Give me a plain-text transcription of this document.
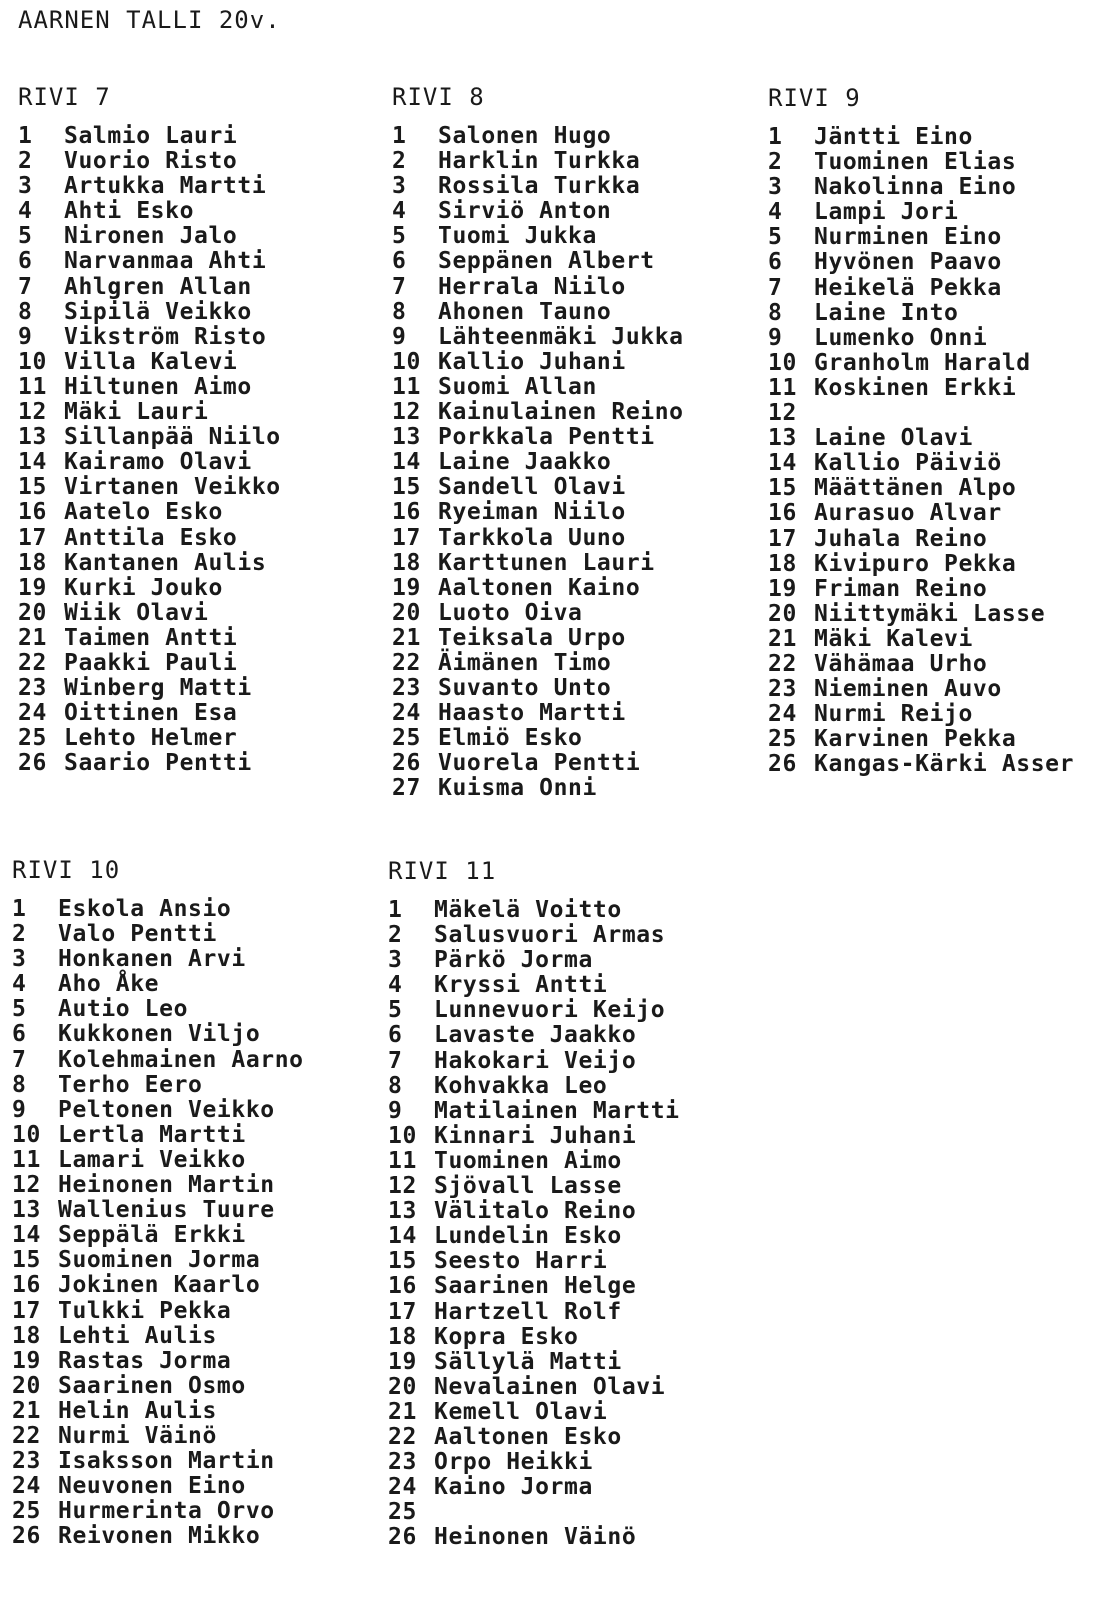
AARNEN TALLI 20v.
RIVI 7
1	Salmio Lauri
2	Vuorio Risto
3	Artukka Martti
4	Ahti Esko
5	Nironen Jalo
6	Narvanmaa Ahti
7	Ahlgren Allan
8	Sipilä Veikko
9	Vikström Risto
10 Villa Kalevi
11 Hiltunen Aimo
12 Mäki Lauri
13 Sillanpää Niilo
14 Kairamo Olavi
15 Virtanen Veikko
16 Aatelo Esko
17 Anttila Esko
18 Kantanen Aulis
19 Kurki Jouko
20 Wiik Olavi
21 Taimen Antti
22 Paakki Pauli
23 Winberg Matti
24 Oittinen Esa
25 Lehto Helmer
26 Saario Pentti
RIVI 8
1	Salonen Hugo
2	Harklin Turkka
3	Rossila Turkka
4	Sirviö Anton
5	Tuomi Jukka
6	Seppänen Albert
7	Herrala Niilo
8	Ahonen Tauno
9	Lähteenmäki Jukka
10 Kallio Juhani
11 Suomi Allan
12 Kainulainen Reino
13 Porkkala Pentti
14 Laine Jaakko
15 Sandell Olavi
16 Ryeiman Niilo
17 Tarkkola Uuno
18 Karttunen Lauri
19 Aaltonen Kaino
20 Luoto Oiva
21 Teiksala Urpo
22 Äimänen Timo
23 Suvanto Unto
24 Haasto Martti
25 Elmiö Esko
26 Vuorela Pentti
27 Kuisma Onni
RIVI 9
1	Jäntti Eino
2	Tuominen Elias
3	Nakolinna Eino
4	Lampi Jori
5	Nurminen Eino
6	Hyvönen Paavo
7	Heikelä Pekka
8	Laine Into
9	Lumenko Onni
10 Granholm Harald
11 Koskinen Erkki
12
13 Laine Olavi
14 Kallio Päiviö
15 Määttänen Alpo
16 Aurasuo Alvar
17 Juhala Reino
18 Kivipuro Pekka
19 Friman Reino
20 Niittymäki Lasse
21 Mäki Kalevi
22 Vähämaa Urho
23 Nieminen Auvo
24 Nurmi Reijo
25 Karvinen Pekka
26 Kangas-Kärki Asser
RIVI 10
1	Eskola Ansio
2	Valo Pentti
3	Honkanen Arvi
4	Aho Åke
5	Autio Leo
6	Kukkonen Viljo
7	Kolehmainen Aarno
8	Terho Eero
9	Peltonen Veikko
10 Lertla Martti
11 Lamari Veikko
12 Heinonen Martin
13 Wallenius Tuure
14 Seppälä Erkki
15 Suominen Jorma
16 Jokinen Kaarlo
17 Tulkki Pekka
18 Lehti Aulis
19 Rastas Jorma
20 Saarinen Osmo
21 Helin Aulis
22 Nurmi Väinö
23 Isaksson Martin
24 Neuvonen Eino
25 Hurmerinta Orvo
26 Reivonen Mikko
RIVI 11
1	Mäkelä Voitto
2	Salusvuori Armas
3	Pärkö Jorma
4	Kryssi Antti
5	Lunnevuori Keijo
6	Lavaste Jaakko
7	Hakokari Veijo
8	Kohvakka Leo
9	Matilainen Martti
10 Kinnari Juhani
11 Tuominen Aimo
12 Sjövall Lasse
13 Välitalo Reino
14 Lundelin Esko
15 Seesto Harri
16 Saarinen Helge
17 Hartzell Rolf
18 Kopra Esko
19 Sällylä Matti
20 Nevalainen Olavi
21 Kemell Olavi
22 Aaltonen Esko
23 Orpo Heikki
24 Kaino Jorma
25
26 Heinonen Väinö
